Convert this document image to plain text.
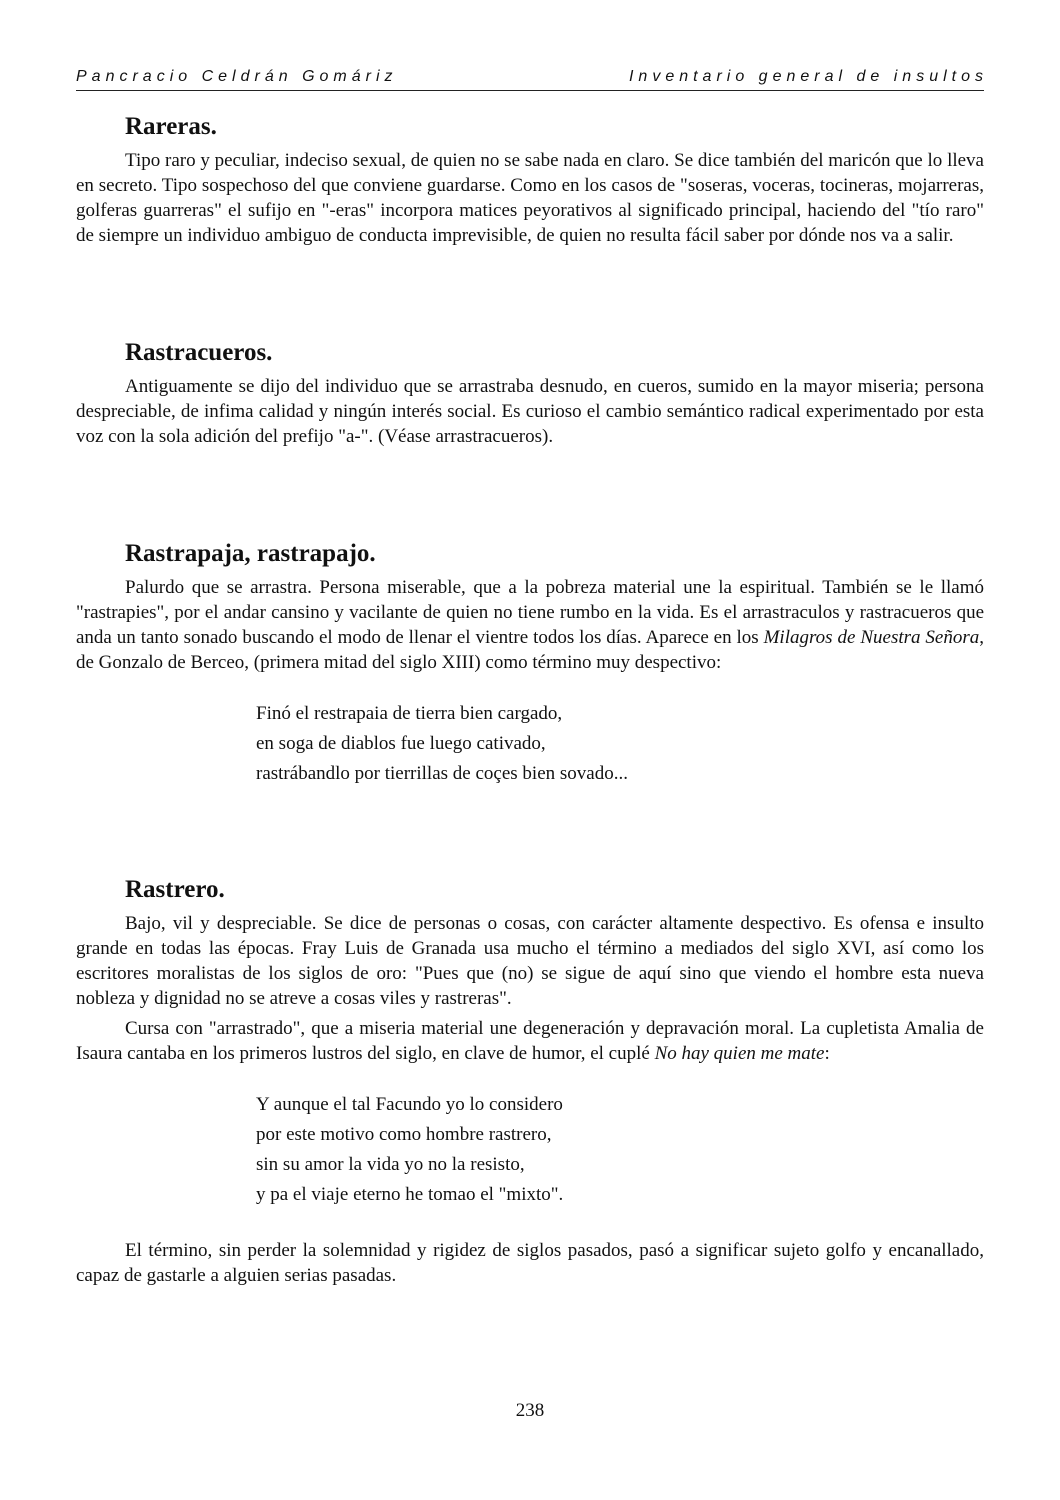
Pancracio Celdrán Gomáriz	Inventario general de insultos
Rareras.

Tipo raro y peculiar, indeciso sexual, de quien no se sabe nada en claro. Se dice también del maricón que lo lleva en secreto. Tipo sospechoso del que conviene guardarse. Como en los casos de "soseras, voceras, tocineras, mojarreras, golferas guarreras" el sufijo en "-eras" incorpora matices peyorativos al significado principal, haciendo del "tío raro" de siempre un individuo ambiguo de conducta imprevisible, de quien no resulta fácil saber por dónde nos va a salir.

Rastracueros.

Antiguamente se dijo del individuo que se arrastraba desnudo, en cueros, sumido en la mayor miseria; persona despreciable, de infima calidad y ningún interés social. Es curioso el cambio semántico radical experimentado por esta voz con la sola adición del prefijo "a-". (Véase arrastracueros).

Rastrapaja, rastrapajo.

Palurdo que se arrastra. Persona miserable, que a la pobreza material une la espiritual. También se le llamó "rastrapies", por el andar cansino y vacilante de quien no tiene rumbo en la vida. Es el arrastraculos y rastracueros que anda un tanto sonado buscando el modo de llenar el vientre todos los días. Aparece en los Milagros de Nuestra Señora, de Gonzalo de Berceo, (primera mitad del siglo XIII) como término muy despectivo:

Finó el restrapaia de tierra bien cargado,
en soga de diablos fue luego cativado,
rastrábandlo por tierrillas de coçes bien sovado...
Rastrero.

Bajo, vil y despreciable. Se dice de personas o cosas, con carácter altamente despectivo. Es ofensa e insulto grande en todas las épocas. Fray Luis de Granada usa mucho el término a mediados del siglo XVI, así como los escritores moralistas de los siglos de oro: "Pues que (no) se sigue de aquí sino que viendo el hombre esta nueva nobleza y dignidad no se atreve a cosas viles y rastreras".

Cursa con "arrastrado", que a miseria material une degeneración y depravación moral. La cupletista Amalia de Isaura cantaba en los primeros lustros del siglo, en clave de humor, el cuplé No hay quien me mate:

Y aunque el tal Facundo yo lo considero
por este motivo como hombre rastrero,
sin su amor la vida yo no la resisto,
y pa el viaje eterno he tomao el "mixto".

El término, sin perder la solemnidad y rigidez de siglos pasados, pasó a significar sujeto golfo y encanallado, capaz de gastarle a alguien serias pasadas.

238
